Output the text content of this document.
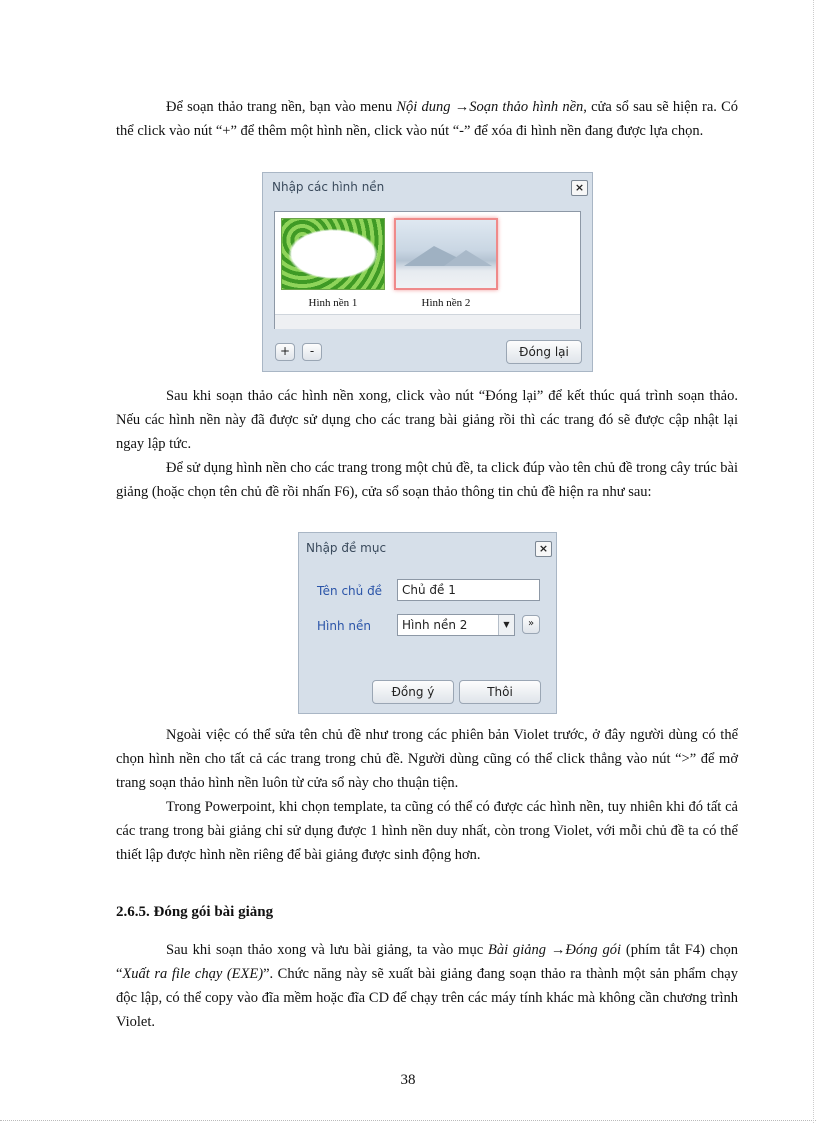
Để soạn thảo trang nền, bạn vào menu Nội dung →Soạn thảo hình nền, cửa sổ sau sẽ hiện ra. Có thể click vào nút “+” để thêm một hình nền, click vào nút “-” để xóa đi hình nền đang được lựa chọn.

Nhập các hình nền	×
Hình nền 1	Hình nền 2
+	-	Đóng lại

Sau khi soạn thảo các hình nền xong, click vào nút “Đóng lại” để kết thúc quá trình soạn thảo. Nếu các hình nền này đã được sử dụng cho các trang bài giảng rồi thì các trang đó sẽ được cập nhật lại ngay lập tức.

Để sử dụng hình nền cho các trang trong một chủ đề, ta click đúp vào tên chủ đề trong cây trúc bài giảng (hoặc chọn tên chủ đề rồi nhấn F6), cửa sổ soạn thảo thông tin chủ đề hiện ra như sau:

Nhập đề mục	×
Tên chủ đề	Chủ đề 1
Hình nền	Hình nền 2	▼	»
Đồng ý	Thôi

Ngoài việc có thể sửa tên chủ đề như trong các phiên bản Violet trước, ở đây người dùng có thể chọn hình nền cho tất cả các trang trong chủ đề. Người dùng cũng có thể click thẳng vào nút “>” để mở trang soạn thảo hình nền luôn từ cửa sổ này cho thuận tiện.

Trong Powerpoint, khi chọn template, ta cũng có thể có được các hình nền, tuy nhiên khi đó tất cả các trang trong bài giảng chỉ sử dụng được 1 hình nền duy nhất, còn trong Violet, với mỗi chủ đề ta có thể thiết lập được hình nền riêng để bài giảng được sinh động hơn.

2.6.5. Đóng gói bài giảng

Sau khi soạn thảo xong và lưu bài giảng, ta vào mục Bài giảng →Đóng gói (phím tắt F4) chọn “Xuất ra file chạy (EXE)”. Chức năng này sẽ xuất bài giảng đang soạn thảo ra thành một sản phẩm chạy độc lập, có thể copy vào đĩa mềm hoặc đĩa CD để chạy trên các máy tính khác mà không cần chương trình Violet.

38
